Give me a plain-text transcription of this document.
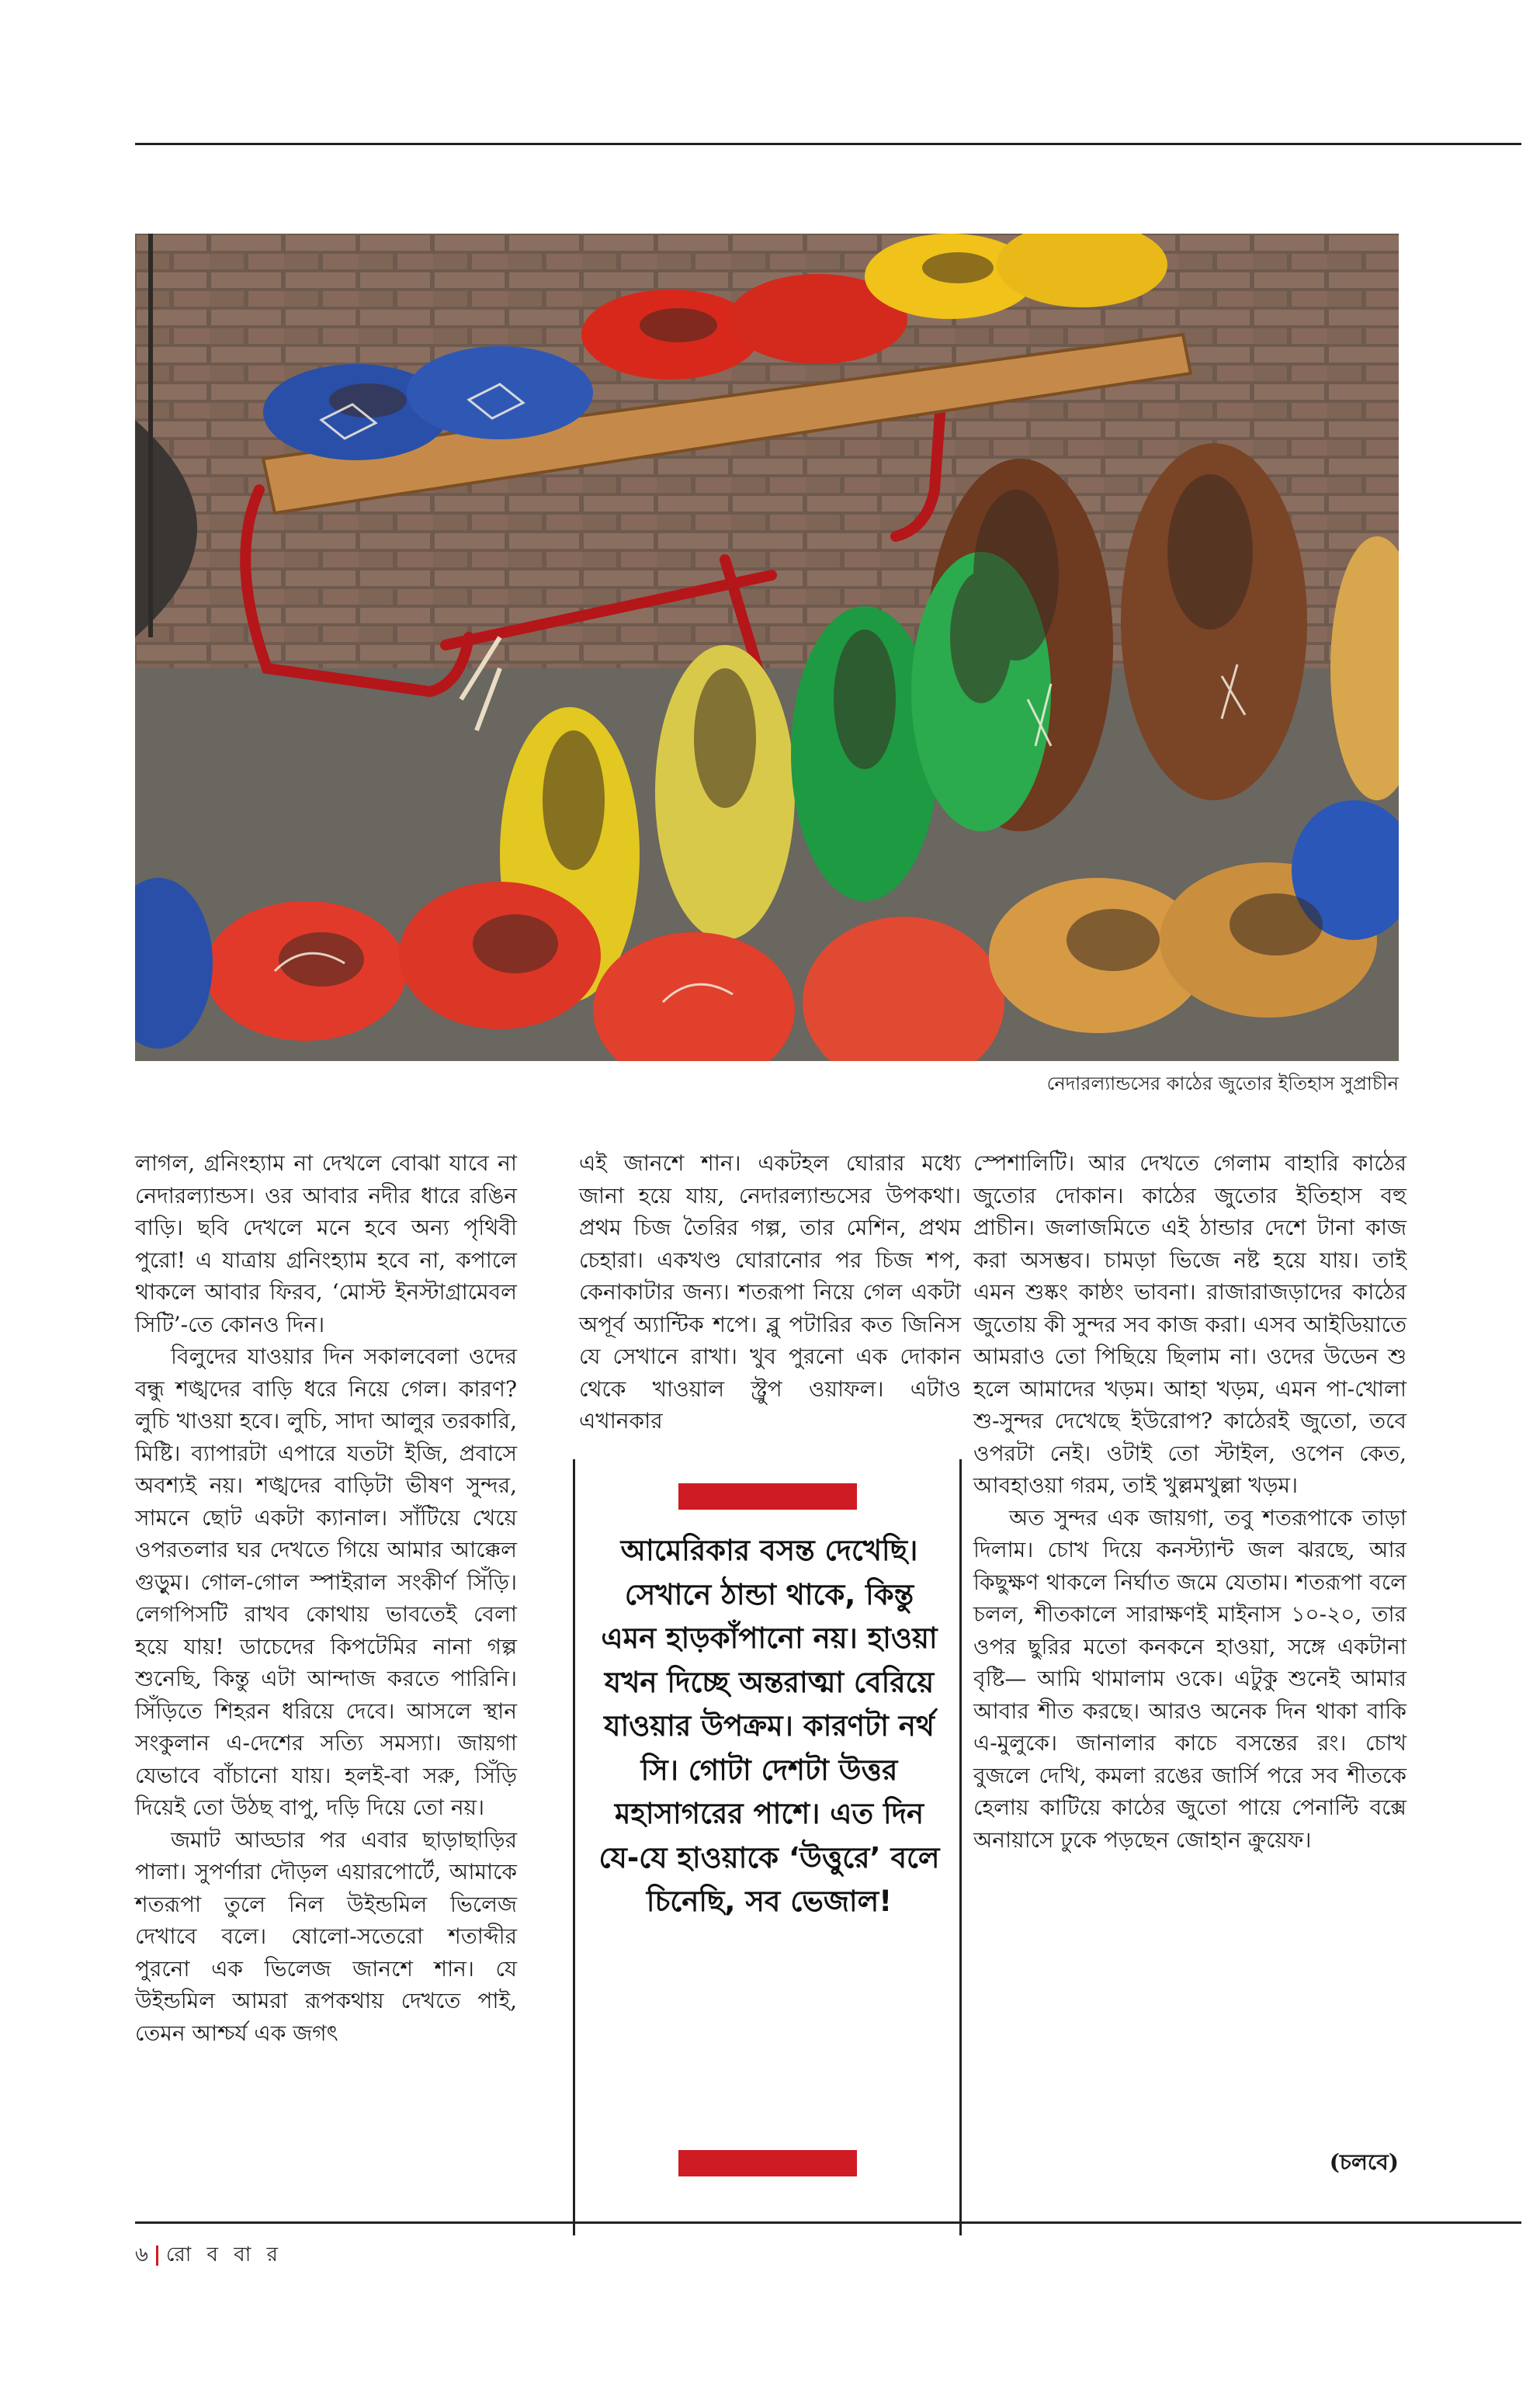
নেদারল্যান্ডসের কাঠের জুতোর ইতিহাস সুপ্রাচীন

লাগল, গ্রনিংহ্যাম না দেখলে বোঝা যাবে না নেদারল্যান্ডস। ওর আবার নদীর ধারে রঙিন বাড়ি। ছবি দেখলে মনে হবে অন্য পৃথিবী পুরো! এ যাত্রায় গ্রনিংহ্যাম হবে না, কপালে থাকলে আবার ফিরব, ‘মোস্ট ইনস্টাগ্রামেবল সিটি’-তে কোনও দিন।

বিলুদের যাওয়ার দিন সকালবেলা ওদের বন্ধু শঙ্খদের বাড়ি ধরে নিয়ে গেল। কারণ? লুচি খাওয়া হবে। লুচি, সাদা আলুর তরকারি, মিষ্টি। ব্যাপারটা এপারে যতটা ইজি, প্রবাসে অবশ্যই নয়। শঙ্খদের বাড়িটা ভীষণ সুন্দর, সামনে ছোট একটা ক্যানাল। সাঁটিয়ে খেয়ে ওপরতলার ঘর দেখতে গিয়ে আমার আক্কেল গুড়ুম। গোল-গোল স্পাইরাল সংকীর্ণ সিঁড়ি। লেগপিসটি রাখব কোথায় ভাবতেই বেলা হয়ে যায়! ডাচেদের কিপটেমির নানা গল্প শুনেছি, কিন্তু এটা আন্দাজ করতে পারিনি। সিঁড়িতে শিহরন ধরিয়ে দেবে। আসলে স্থান সংকুলান এ-দেশের সত্যি সমস্যা। জায়গা যেভাবে বাঁচানো যায়। হলই-বা সরু, সিঁড়ি দিয়েই তো উঠছ বাপু, দড়ি দিয়ে তো নয়।

জমাট আড্ডার পর এবার ছাড়াছাড়ির পালা। সুপর্ণারা দৌড়ল এয়ারপোর্টে, আমাকে শতরূপা তুলে নিল উইন্ডমিল ভিলেজ দেখাবে বলে। ষোলো-সতেরো শতাব্দীর পুরনো এক ভিলেজ জানশে শান। যে উইন্ডমিল আমরা রূপকথায় দেখতে পাই, তেমন আশ্চর্য এক জগৎ

এই জানশে শান। একটহল ঘোরার মধ্যে জানা হয়ে যায়, নেদারল্যান্ডসের উপকথা। প্রথম চিজ তৈরির গল্প, তার মেশিন, প্রথম চেহারা। একখণ্ড ঘোরানোর পর চিজ শপ, কেনাকাটার জন্য। শতরূপা নিয়ে গেল একটা অপূর্ব অ্যান্টিক শপে। ব্লু পটারির কত জিনিস যে সেখানে রাখা। খুব পুরনো এক দোকান থেকে খাওয়াল স্ট্রুপ ওয়াফল। এটাও এখানকার

আমেরিকার বসন্ত দেখেছি। সেখানে ঠান্ডা থাকে, কিন্তু এমন হাড়কাঁপানো নয়। হাওয়া যখন দিচ্ছে অন্তরাত্মা বেরিয়ে যাওয়ার উপক্রম। কারণটা নর্থ সি। গোটা দেশটা উত্তর মহাসাগরের পাশে। এত দিন যে-যে হাওয়াকে ‘উত্তুরে’ বলে চিনেছি, সব ভেজাল!

স্পেশালিটি। আর দেখতে গেলাম বাহারি কাঠের জুতোর দোকান। কাঠের জুতোর ইতিহাস বহু প্রাচীন। জলাজমিতে এই ঠান্ডার দেশে টানা কাজ করা অসম্ভব। চামড়া ভিজে নষ্ট হয়ে যায়। তাই এমন শুষ্কং কাষ্ঠং ভাবনা। রাজারাজড়াদের কাঠের জুতোয় কী সুন্দর সব কাজ করা। এসব আইডিয়াতে আমরাও তো পিছিয়ে ছিলাম না। ওদের উডেন শু হলে আমাদের খড়ম। আহা খড়ম, এমন পা-খোলা শু-সুন্দর দেখেছে ইউরোপ? কাঠেরই জুতো, তবে ওপরটা নেই। ওটাই তো স্টাইল, ওপেন কেত, আবহাওয়া গরম, তাই খুল্লমখুল্লা খড়ম।

অত সুন্দর এক জায়গা, তবু শতরূপাকে তাড়া দিলাম। চোখ দিয়ে কনস্ট্যান্ট জল ঝরছে, আর কিছুক্ষণ থাকলে নির্ঘাত জমে যেতাম। শতরূপা বলে চলল, শীতকালে সারাক্ষণই মাইনাস ১০-২০, তার ওপর ছুরির মতো কনকনে হাওয়া, সঙ্গে একটানা বৃষ্টি— আমি থামালাম ওকে। এটুকু শুনেই আমার আবার শীত করছে। আরও অনেক দিন থাকা বাকি এ-মুলুকে। জানালার কাচে বসন্তের রং। চোখ বুজলে দেখি, কমলা রঙের জার্সি পরে সব শীতকে হেলায় কাটিয়ে কাঠের জুতো পায়ে পেনাল্টি বক্সে অনায়াসে ঢুকে পড়ছেন জোহান ক্রুয়েফ।

(চলবে)
৬ রো ব বা র
